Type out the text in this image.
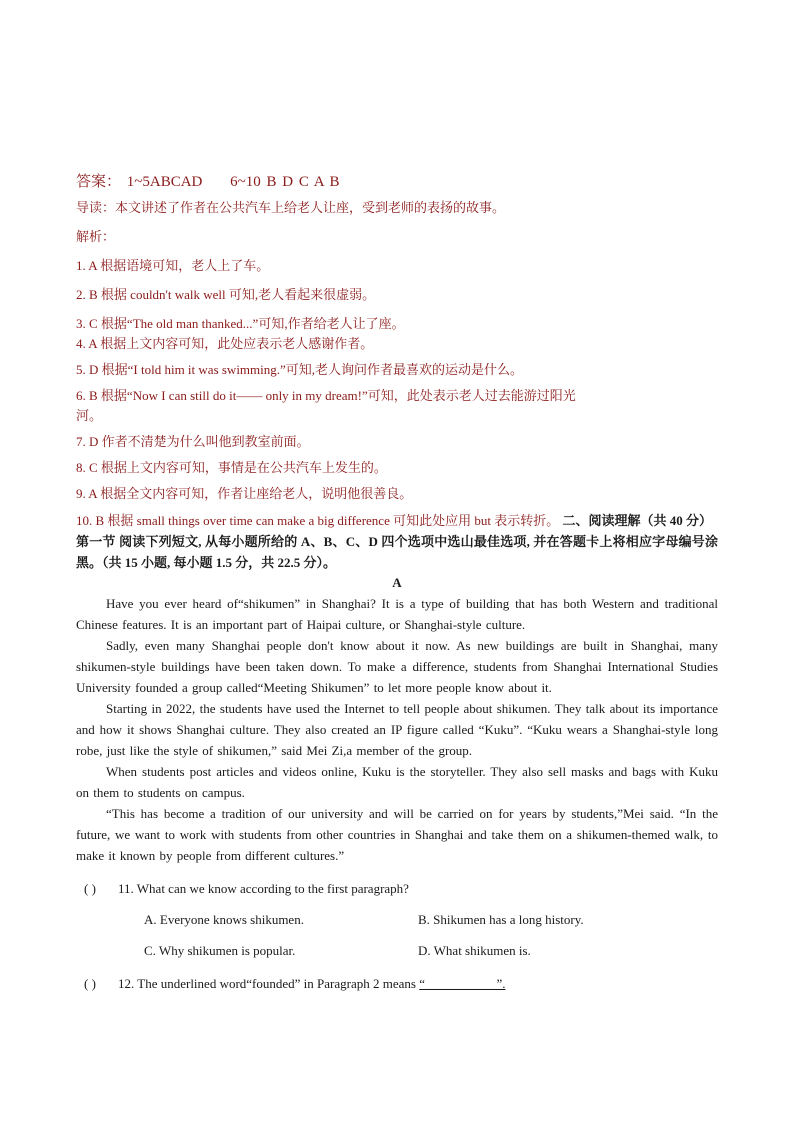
答案： 1~5ABCAD 6~10 B D C A B
导读：本文讲述了作者在公共汽车上给老人让座，受到老师的表扬的故事。
解析：
1. A 根据语境可知，老人上了车。
2. B 根据 couldn't walk well 可知,老人看起来很虚弱。
3. C 根据“The old man thanked...”可知,作者给老人让了座。
4. A 根据上文内容可知，此处应表示老人感谢作者。
5. D 根据“I told him it was swimming.”可知,老人询问作者最喜欢的运动是什么。
6. B 根据“Now I can still do it—— only in my dream!”可知，此处表示老人过去能游过阳光
河。
7. D 作者不清楚为什么叫他到教室前面。
8. C 根据上文内容可知，事情是在公共汽车上发生的。
9. A 根据全文内容可知，作者让座给老人，说明他很善良。
10. B 根据 small things over time can make a big difference 可知此处应用 but 表示转折。 二、阅读理解（共 40 分）
第一节 阅读下列短文, 从每小题所给的 A、B、C、D 四个选项中选山最佳选项, 并在答题卡上将相应字母编号涂黑。（共 15 小题, 每小题 1.5 分，共 22.5 分）。
A
Have you ever heard of“shikumen” in Shanghai? It is a type of building that has both Western and traditional Chinese features. It is an important part of Haipai culture, or Shanghai-style culture.
Sadly, even many Shanghai people don't know about it now. As new buildings are built in Shanghai, many shikumen-style buildings have been taken down. To make a difference, students from Shanghai International Studies University founded a group called“Meeting Shikumen” to let more people know about it.
Starting in 2022, the students have used the Internet to tell people about shikumen. They talk about its importance and how it shows Shanghai culture. They also created an IP figure called “Kuku”. “Kuku wears a Shanghai-style long robe, just like the style of shikumen,” said Mei Zi,a member of the group.
When students post articles and videos online, Kuku is the storyteller. They also sell masks and bags with Kuku on them to students on campus.
“This has become a tradition of our university and will be carried on for years by students,”Mei said. “In the future, we want to work with students from other countries in Shanghai and take them on a shikumen-themed walk, to make it known by people from different cultures.”
( ) 11. What can we know according to the first paragraph?
A. Everyone knows shikumen.	B. Shikumen has a long history.
C. Why shikumen is popular.	D. What shikumen is.
( ) 12. The underlined word“founded” in Paragraph 2 means “___________”.
